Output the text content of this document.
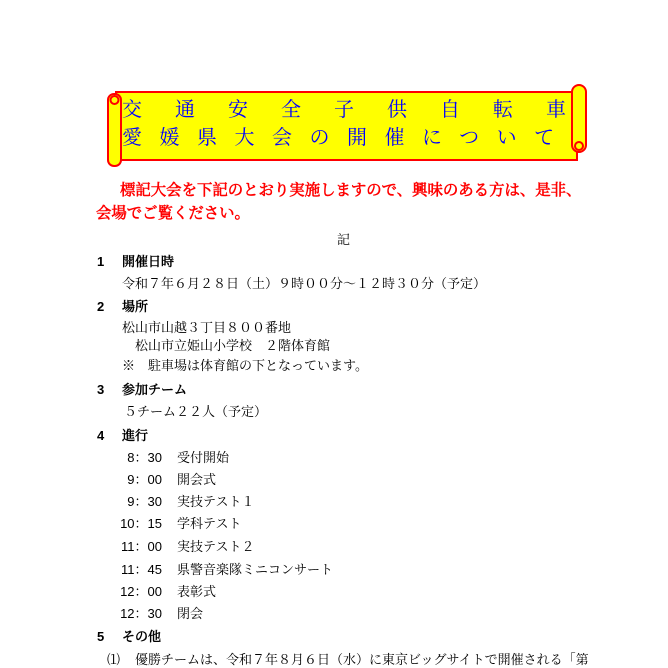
交通安全子供自転車
愛媛県大会の開催について
標記大会を下記のとおり実施しますので、興味のある方は、是非、
会場でご覧ください。
記
1 開催日時
令和７年６月２８日（土）９時００分～１２時３０分（予定）
2 場所
松山市山越３丁目８００番地
松山市立姫山小学校　２階体育館
※　駐車場は体育館の下となっています。
3 参加チーム
５チーム２２人（予定）
4 進行
8：30 受付開始
9：00 開会式
9：30 実技テスト１
10：15 学科テスト
11：00 実技テスト２
11：45 県警音楽隊ミニコンサート
12：00 表彰式
12：30 閉会
5 その他
⑴ 優勝チームは、令和７年８月６日（水）に東京ビッグサイトで開催される「第
